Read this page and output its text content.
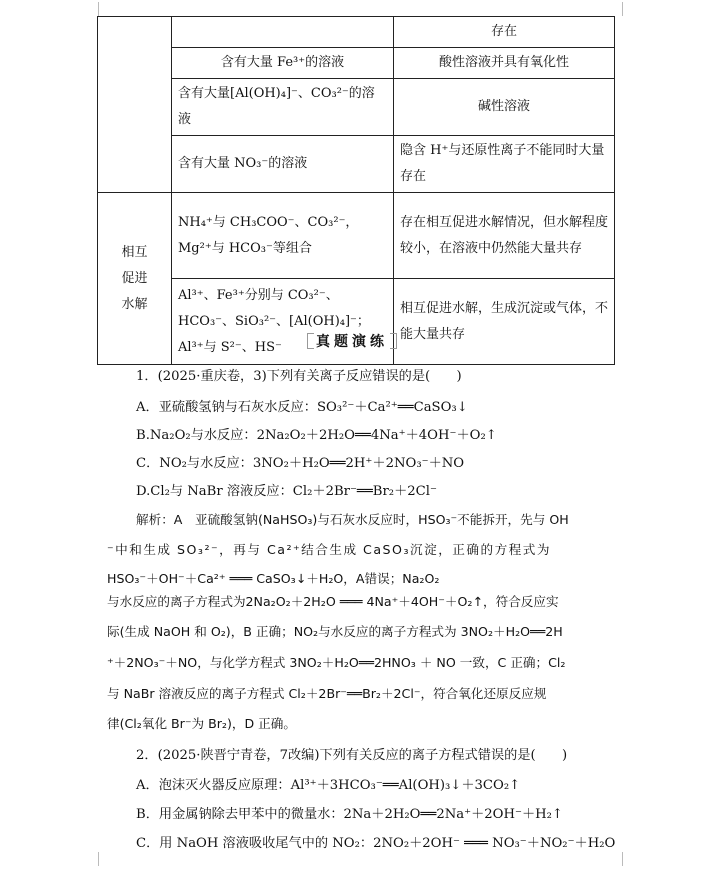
		存在
	含有大量 Fe³⁺的溶液	酸性溶液并具有氧化性
	含有大量[Al(OH)₄]⁻、CO₃²⁻的溶液	碱性溶液
	含有大量 NO₃⁻的溶液	隐含 H⁺与还原性离子不能同时大量存在

相互促进水解	NH₄⁺与 CH₃COO⁻、CO₃²⁻，Mg²⁺与 HCO₃⁻等组合	存在相互促进水解情况，但水解程度较小，在溶液中仍然能大量共存
	Al³⁺、Fe³⁺分别与 CO₃²⁻、HCO₃⁻、SiO₃²⁻、[Al(OH)₄]⁻；Al³⁺与 S²⁻、HS⁻	相互促进水解，生成沉淀或气体，不能大量共存
真题演练
1．(2025·重庆卷，3)下列有关离子反应错误的是(　　)
A．亚硫酸氢钠与石灰水反应：SO₃²⁻＋Ca²⁺══CaSO₃↓
B.Na₂O₂与水反应：2Na₂O₂＋2H₂O══4Na⁺＋4OH⁻＋O₂↑
C．NO₂与水反应：3NO₂＋H₂O══2H⁺＋2NO₃⁻＋NO
D.Cl₂与 NaBr 溶液反应：Cl₂＋2Br⁻══Br₂＋2Cl⁻
解析：A　亚硫酸氢钠(NaHSO₃)与石灰水反应时，HSO₃⁻不能拆开，先与 OH
⁻中和生成 SO₃²⁻，再与 Ca²⁺结合生成 CaSO₃沉淀，正确的方程式为
HSO₃⁻＋OH⁻＋Ca²⁺ ═══ CaSO₃↓＋H₂O，A错误；Na₂O₂
与水反应的离子方程式为2Na₂O₂＋2H₂O ═══ 4Na⁺＋4OH⁻＋O₂↑，符合反应实
际(生成 NaOH 和 O₂)，B 正确；NO₂与水反应的离子方程式为 3NO₂＋H₂O══2H
⁺＋2NO₃⁻＋NO，与化学方程式 3NO₂＋H₂O══2HNO₃ ＋ NO 一致，C 正确；Cl₂
与 NaBr 溶液反应的离子方程式 Cl₂＋2Br⁻══Br₂＋2Cl⁻，符合氧化还原反应规
律(Cl₂氧化 Br⁻为 Br₂)，D 正确。
2．(2025·陕晋宁青卷，7改编)下列有关反应的离子方程式错误的是(　　)
A．泡沫灭火器反应原理：Al³⁺＋3HCO₃⁻══Al(OH)₃↓＋3CO₂↑
B．用金属钠除去甲苯中的微量水：2Na＋2H₂O══2Na⁺＋2OH⁻＋H₂↑
C．用 NaOH 溶液吸收尾气中的 NO₂：2NO₂＋2OH⁻ ═══ NO₃⁻＋NO₂⁻＋H₂O
